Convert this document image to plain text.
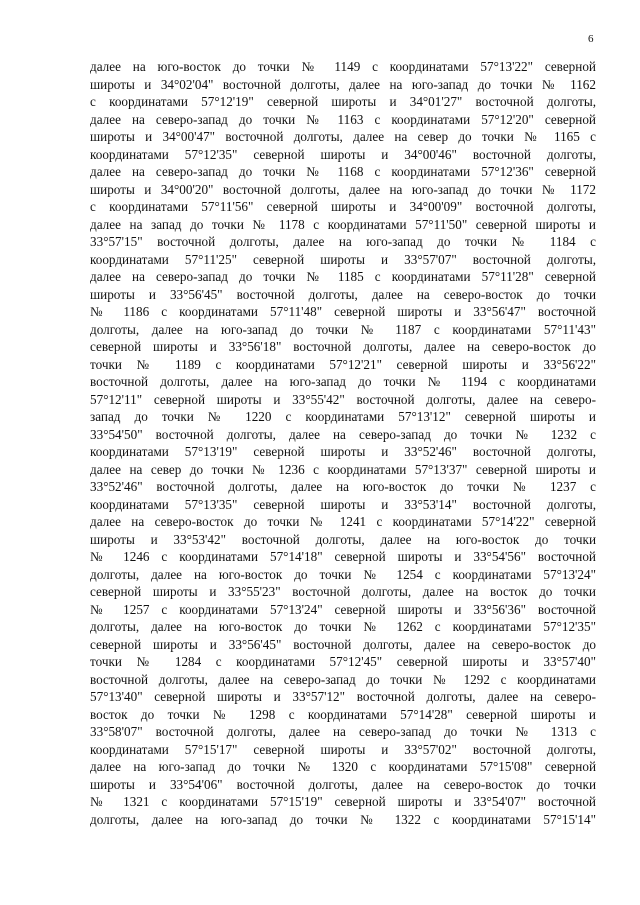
6
далее на юго-восток до точки № 1149 с координатами 57°13'22" северной
широты и 34°02'04" восточной долготы, далее на юго-запад до точки № 1162
с координатами 57°12'19" северной широты и 34°01'27" восточной долготы,
далее на северо-запад до точки № 1163 с координатами 57°12'20" северной
широты и 34°00'47" восточной долготы, далее на север до точки № 1165 с
координатами 57°12'35" северной широты и 34°00'46" восточной долготы,
далее на северо-запад до точки № 1168 с координатами 57°12'36" северной
широты и 34°00'20" восточной долготы, далее на юго-запад до точки № 1172
с координатами 57°11'56" северной широты и 34°00'09" восточной долготы,
далее на запад до точки № 1178 с координатами 57°11'50" северной широты и
33°57'15" восточной долготы, далее на юго-запад до точки № 1184 с
координатами 57°11'25" северной широты и 33°57'07" восточной долготы,
далее на северо-запад до точки № 1185 с координатами 57°11'28" северной
широты и 33°56'45" восточной долготы, далее на северо-восток до точки
№ 1186 с координатами 57°11'48" северной широты и 33°56'47" восточной
долготы, далее на юго-запад до точки № 1187 с координатами 57°11'43"
северной широты и 33°56'18" восточной долготы, далее на северо-восток до
точки № 1189 с координатами 57°12'21" северной широты и 33°56'22"
восточной долготы, далее на юго-запад до точки № 1194 с координатами
57°12'11" северной широты и 33°55'42" восточной долготы, далее на северо-
запад до точки № 1220 с координатами 57°13'12" северной широты и
33°54'50" восточной долготы, далее на северо-запад до точки № 1232 с
координатами 57°13'19" северной широты и 33°52'46" восточной долготы,
далее на север до точки № 1236 с координатами 57°13'37" северной широты и
33°52'46" восточной долготы, далее на юго-восток до точки № 1237 с
координатами 57°13'35" северной широты и 33°53'14" восточной долготы,
далее на северо-восток до точки № 1241 с координатами 57°14'22" северной
широты и 33°53'42" восточной долготы, далее на юго-восток до точки
№ 1246 с координатами 57°14'18" северной широты и 33°54'56" восточной
долготы, далее на юго-восток до точки № 1254 с координатами 57°13'24"
северной широты и 33°55'23" восточной долготы, далее на восток до точки
№ 1257 с координатами 57°13'24" северной широты и 33°56'36" восточной
долготы, далее на юго-восток до точки № 1262 с координатами 57°12'35"
северной широты и 33°56'45" восточной долготы, далее на северо-восток до
точки № 1284 с координатами 57°12'45" северной широты и 33°57'40"
восточной долготы, далее на северо-запад до точки № 1292 с координатами
57°13'40" северной широты и 33°57'12" восточной долготы, далее на северо-
восток до точки № 1298 с координатами 57°14'28" северной широты и
33°58'07" восточной долготы, далее на северо-запад до точки № 1313 с
координатами 57°15'17" северной широты и 33°57'02" восточной долготы,
далее на юго-запад до точки № 1320 с координатами 57°15'08" северной
широты и 33°54'06" восточной долготы, далее на северо-восток до точки
№ 1321 с координатами 57°15'19" северной широты и 33°54'07" восточной
долготы, далее на юго-запад до точки № 1322 с координатами 57°15'14"
